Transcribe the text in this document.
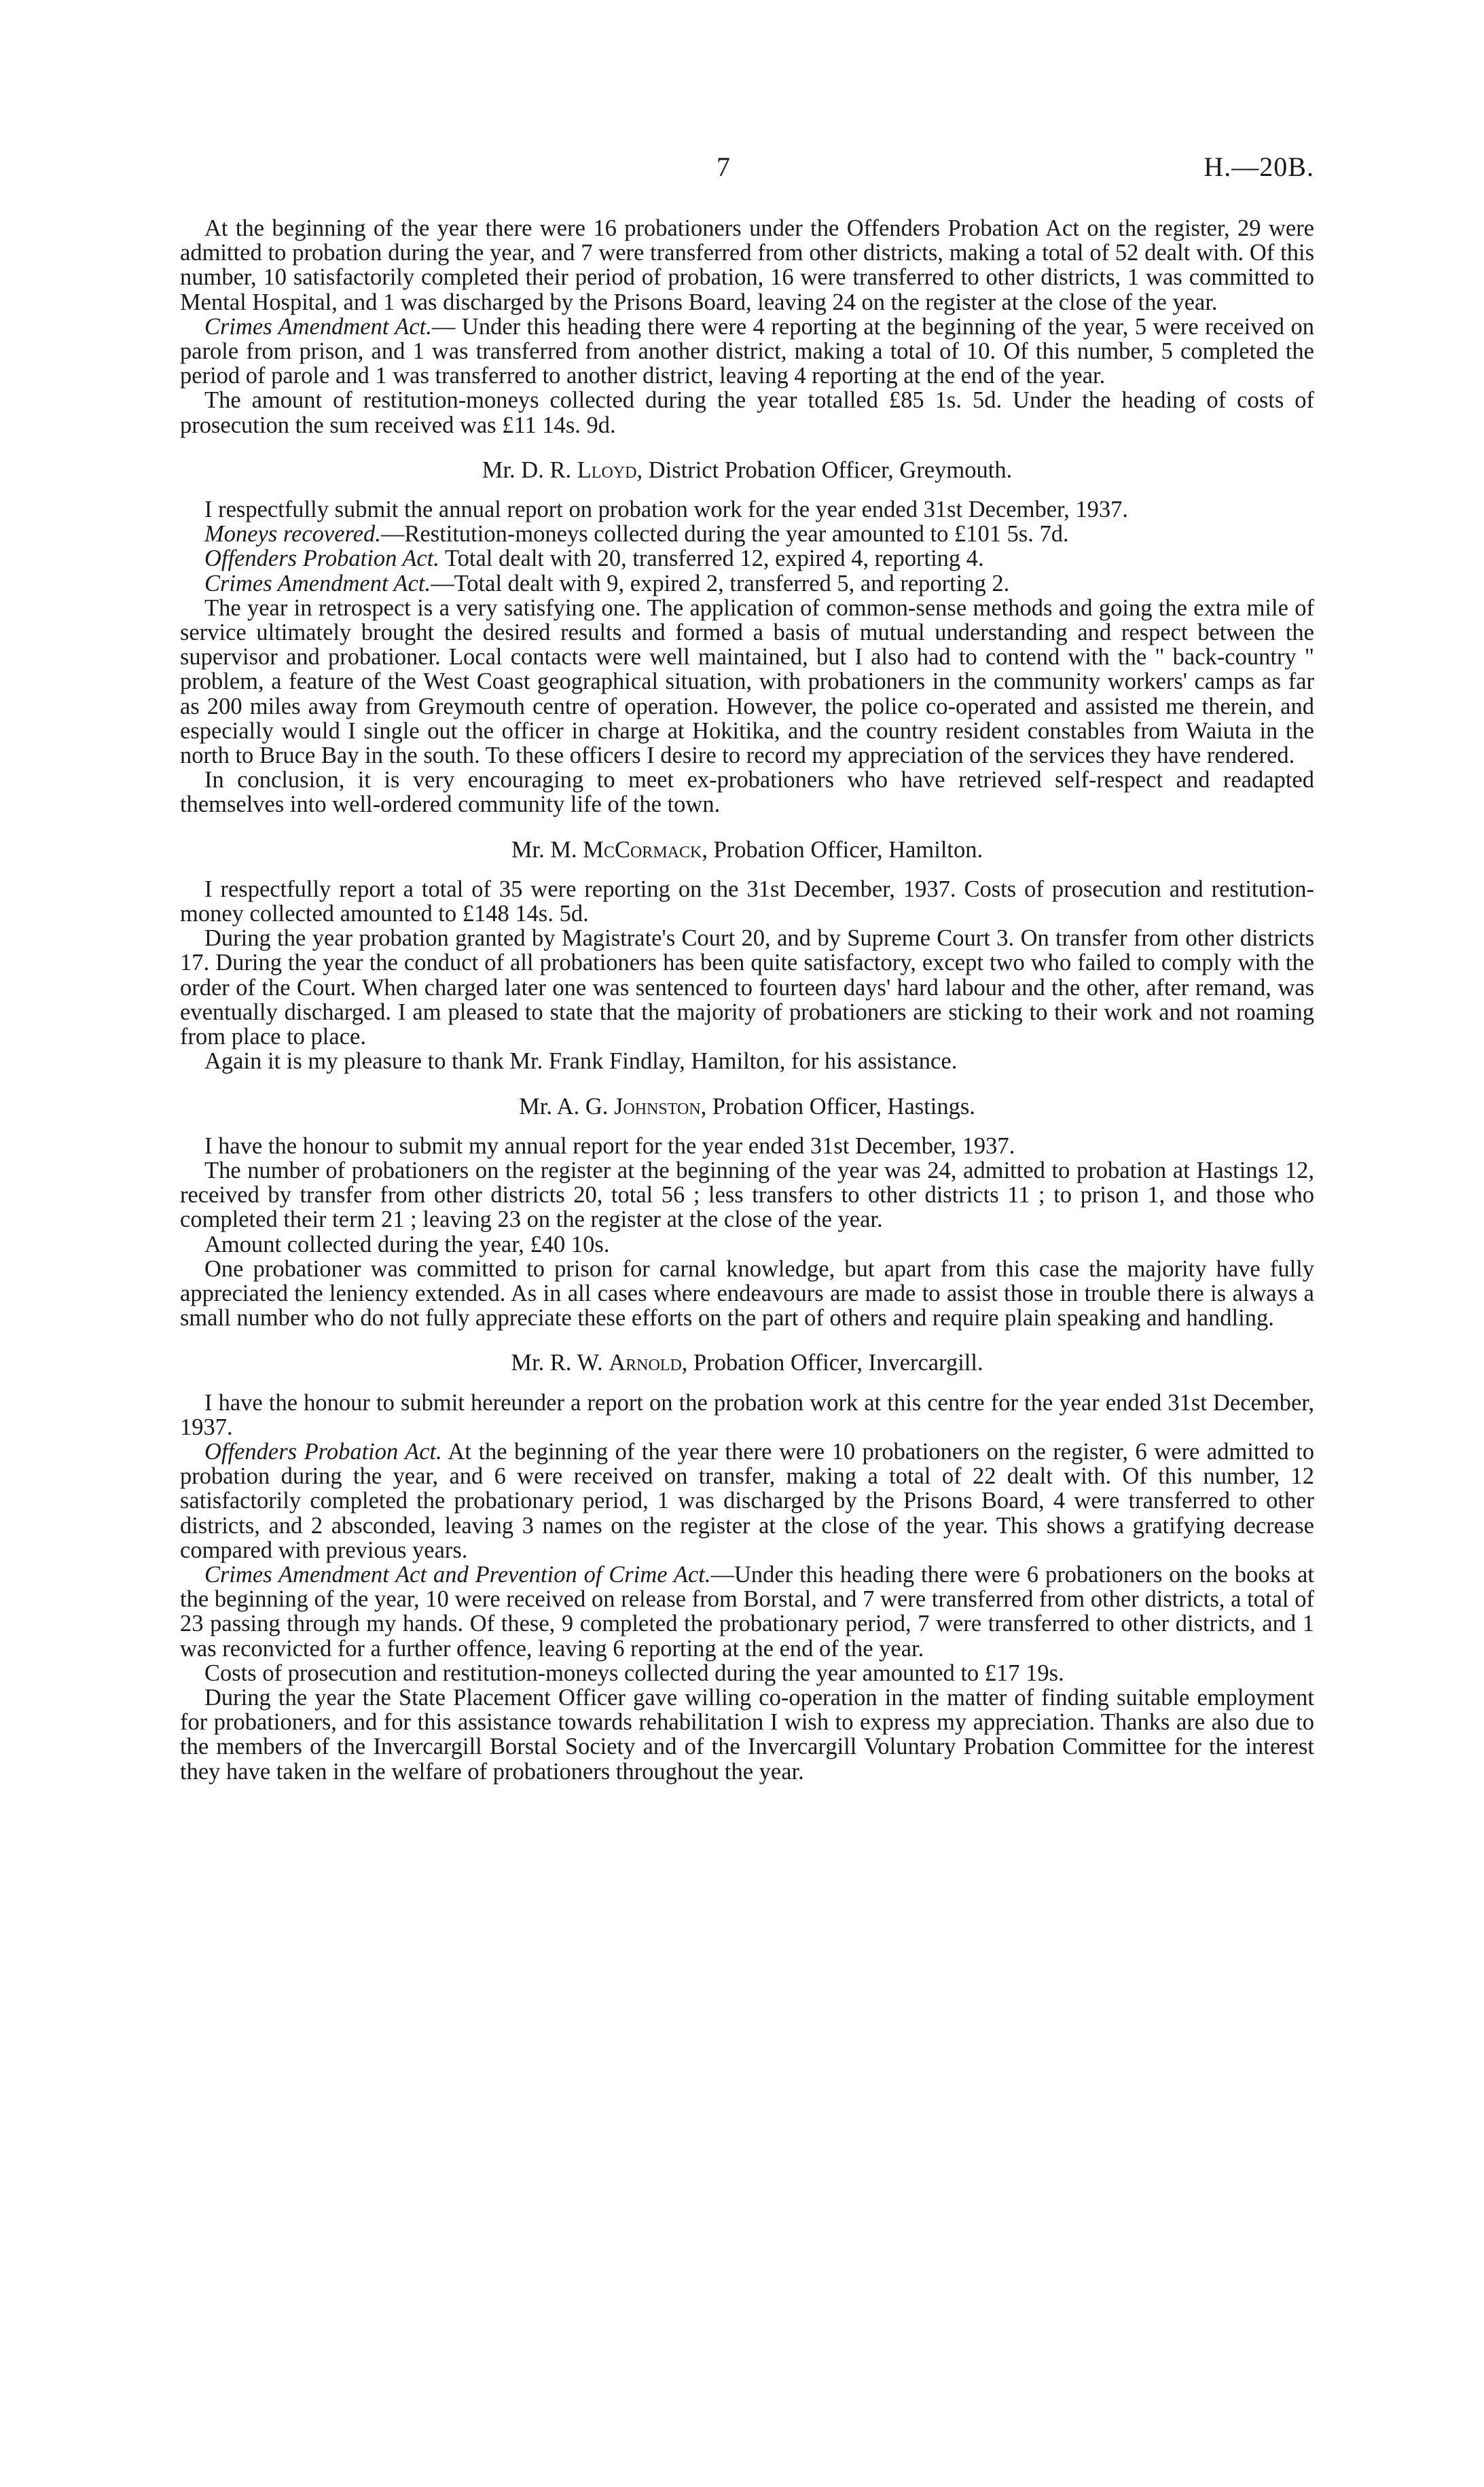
7	H.—20B.

At the beginning of the year there were 16 probationers under the Offenders Probation Act on the register, 29 were admitted to probation during the year, and 7 were transferred from other districts, making a total of 52 dealt with. Of this number, 10 satisfactorily completed their period of probation, 16 were transferred to other districts, 1 was committed to Mental Hospital, and 1 was discharged by the Prisons Board, leaving 24 on the register at the close of the year.

Crimes Amendment Act.— Under this heading there were 4 reporting at the beginning of the year, 5 were received on parole from prison, and 1 was transferred from another district, making a total of 10. Of this number, 5 completed the period of parole and 1 was transferred to another district, leaving 4 reporting at the end of the year.

The amount of restitution-moneys collected during the year totalled £85 1s. 5d. Under the heading of costs of prosecution the sum received was £11 14s. 9d.

Mr. D. R. Lloyd, District Probation Officer, Greymouth.

I respectfully submit the annual report on probation work for the year ended 31st December, 1937.

Moneys recovered.—Restitution-moneys collected during the year amounted to £101 5s. 7d.

Offenders Probation Act. Total dealt with 20, transferred 12, expired 4, reporting 4.

Crimes Amendment Act.—Total dealt with 9, expired 2, transferred 5, and reporting 2.

The year in retrospect is a very satisfying one. The application of common-sense methods and going the extra mile of service ultimately brought the desired results and formed a basis of mutual understanding and respect between the supervisor and probationer. Local contacts were well maintained, but I also had to contend with the " back-country " problem, a feature of the West Coast geographical situation, with probationers in the community workers' camps as far as 200 miles away from Greymouth centre of operation. However, the police co-operated and assisted me therein, and especially would I single out the officer in charge at Hokitika, and the country resident constables from Waiuta in the north to Bruce Bay in the south. To these officers I desire to record my appreciation of the services they have rendered.

In conclusion, it is very encouraging to meet ex-probationers who have retrieved self-respect and readapted themselves into well-ordered community life of the town.

Mr. M. McCormack, Probation Officer, Hamilton.

I respectfully report a total of 35 were reporting on the 31st December, 1937. Costs of prosecution and restitution-money collected amounted to £148 14s. 5d.

During the year probation granted by Magistrate's Court 20, and by Supreme Court 3. On transfer from other districts 17. During the year the conduct of all probationers has been quite satisfactory, except two who failed to comply with the order of the Court. When charged later one was sentenced to fourteen days' hard labour and the other, after remand, was eventually discharged. I am pleased to state that the majority of probationers are sticking to their work and not roaming from place to place.

Again it is my pleasure to thank Mr. Frank Findlay, Hamilton, for his assistance.

Mr. A. G. Johnston, Probation Officer, Hastings.

I have the honour to submit my annual report for the year ended 31st December, 1937.

The number of probationers on the register at the beginning of the year was 24, admitted to probation at Hastings 12, received by transfer from other districts 20, total 56 ; less transfers to other districts 11 ; to prison 1, and those who completed their term 21 ; leaving 23 on the register at the close of the year.

Amount collected during the year, £40 10s.

One probationer was committed to prison for carnal knowledge, but apart from this case the majority have fully appreciated the leniency extended. As in all cases where endeavours are made to assist those in trouble there is always a small number who do not fully appreciate these efforts on the part of others and require plain speaking and handling.

Mr. R. W. Arnold, Probation Officer, Invercargill.

I have the honour to submit hereunder a report on the probation work at this centre for the year ended 31st December, 1937.

Offenders Probation Act. At the beginning of the year there were 10 probationers on the register, 6 were admitted to probation during the year, and 6 were received on transfer, making a total of 22 dealt with. Of this number, 12 satisfactorily completed the probationary period, 1 was discharged by the Prisons Board, 4 were transferred to other districts, and 2 absconded, leaving 3 names on the register at the close of the year. This shows a gratifying decrease compared with previous years.

Crimes Amendment Act and Prevention of Crime Act.—Under this heading there were 6 probationers on the books at the beginning of the year, 10 were received on release from Borstal, and 7 were transferred from other districts, a total of 23 passing through my hands. Of these, 9 completed the probationary period, 7 were transferred to other districts, and 1 was reconvicted for a further offence, leaving 6 reporting at the end of the year.

Costs of prosecution and restitution-moneys collected during the year amounted to £17 19s.

During the year the State Placement Officer gave willing co-operation in the matter of finding suitable employment for probationers, and for this assistance towards rehabilitation I wish to express my appreciation. Thanks are also due to the members of the Invercargill Borstal Society and of the Invercargill Voluntary Probation Committee for the interest they have taken in the welfare of probationers throughout the year.
